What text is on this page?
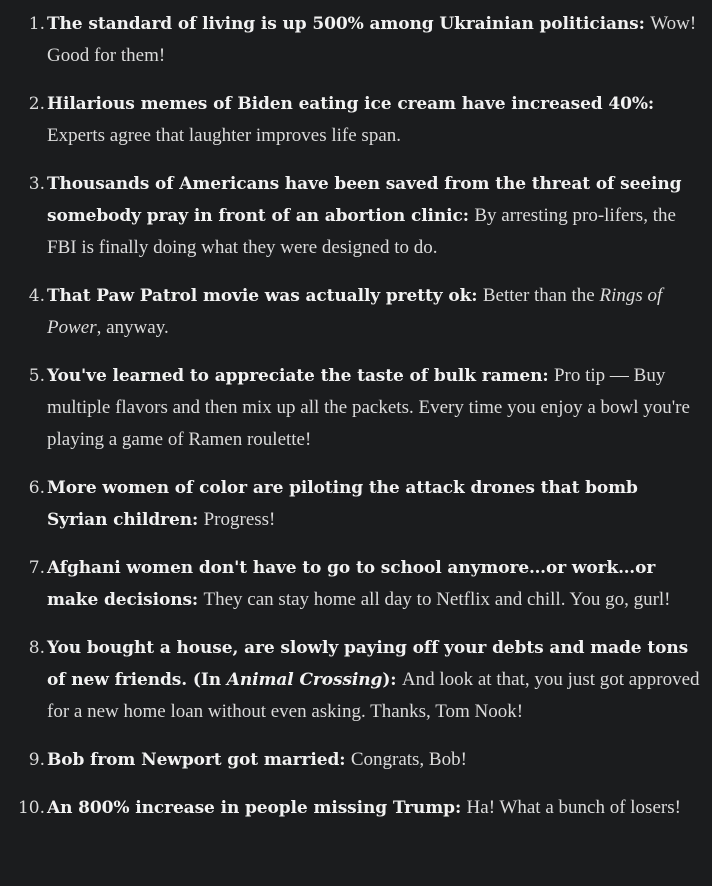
1. The standard of living is up 500% among Ukrainian politicians: Wow! Good for them!
2. Hilarious memes of Biden eating ice cream have increased 40%: Experts agree that laughter improves life span.
3. Thousands of Americans have been saved from the threat of seeing somebody pray in front of an abortion clinic: By arresting pro-lifers, the FBI is finally doing what they were designed to do.
4. That Paw Patrol movie was actually pretty ok: Better than the Rings of Power, anyway.
5. You've learned to appreciate the taste of bulk ramen: Pro tip — Buy multiple flavors and then mix up all the packets. Every time you enjoy a bowl you're playing a game of Ramen roulette!
6. More women of color are piloting the attack drones that bomb Syrian children: Progress!
7. Afghani women don't have to go to school anymore…or work…or make decisions: They can stay home all day to Netflix and chill. You go, gurl!
8. You bought a house, are slowly paying off your debts and made tons of new friends. (In Animal Crossing): And look at that, you just got approved for a new home loan without even asking. Thanks, Tom Nook!
9. Bob from Newport got married: Congrats, Bob!
10. An 800% increase in people missing Trump: Ha! What a bunch of losers!
